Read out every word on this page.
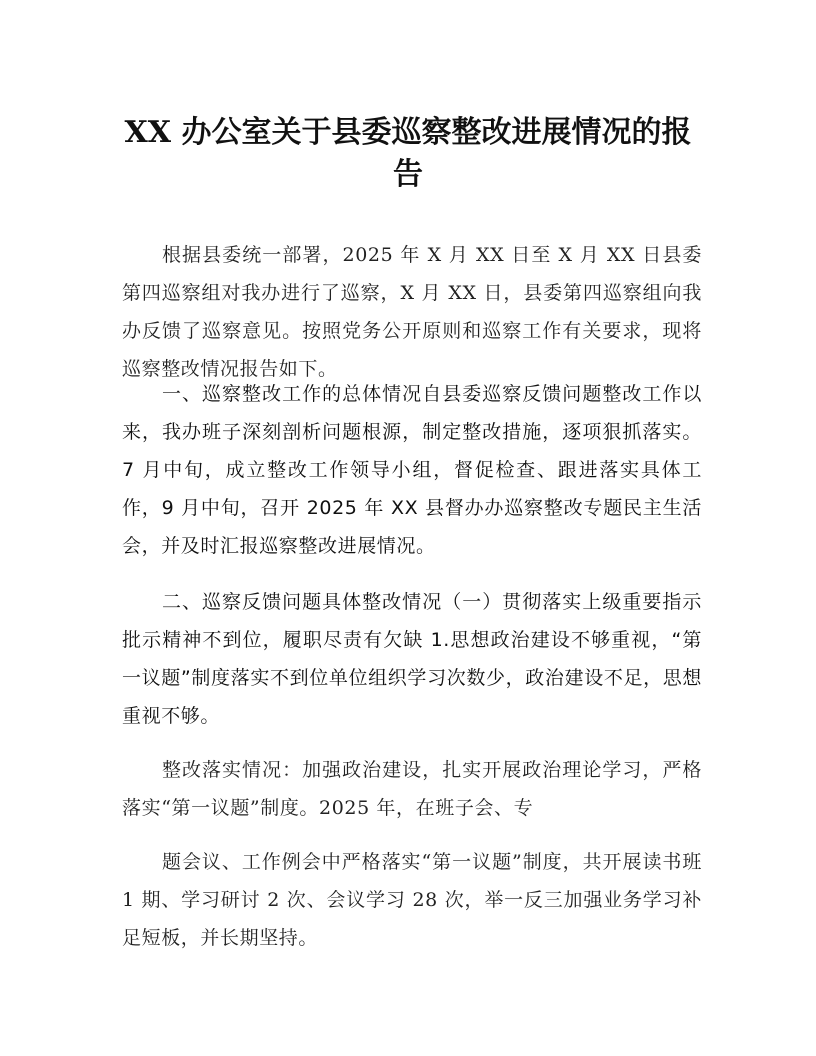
XX 办公室关于县委巡察整改进展情况的报告

根据县委统一部署，2025 年 X 月 XX 日至 X 月 XX 日县委第四巡察组对我办进行了巡察，X 月 XX 日，县委第四巡察组向我办反馈了巡察意见。按照党务公开原则和巡察工作有关要求，现将巡察整改情况报告如下。

一、巡察整改工作的总体情况自县委巡察反馈问题整改工作以来，我办班子深刻剖析问题根源，制定整改措施，逐项狠抓落实。7 月中旬，成立整改工作领导小组，督促检查、跟进落实具体工作，9 月中旬，召开 2025 年 XX 县督办办巡察整改专题民主生活会，并及时汇报巡察整改进展情况。

二、巡察反馈问题具体整改情况（一）贯彻落实上级重要指示批示精神不到位，履职尽责有欠缺 1.思想政治建设不够重视，“第一议题”制度落实不到位单位组织学习次数少，政治建设不足，思想重视不够。

整改落实情况：加强政治建设，扎实开展政治理论学习，严格落实“第一议题”制度。2025 年，在班子会、专

题会议、工作例会中严格落实“第一议题”制度，共开展读书班 1 期、学习研讨 2 次、会议学习 28 次，举一反三加强业务学习补足短板，并长期坚持。
